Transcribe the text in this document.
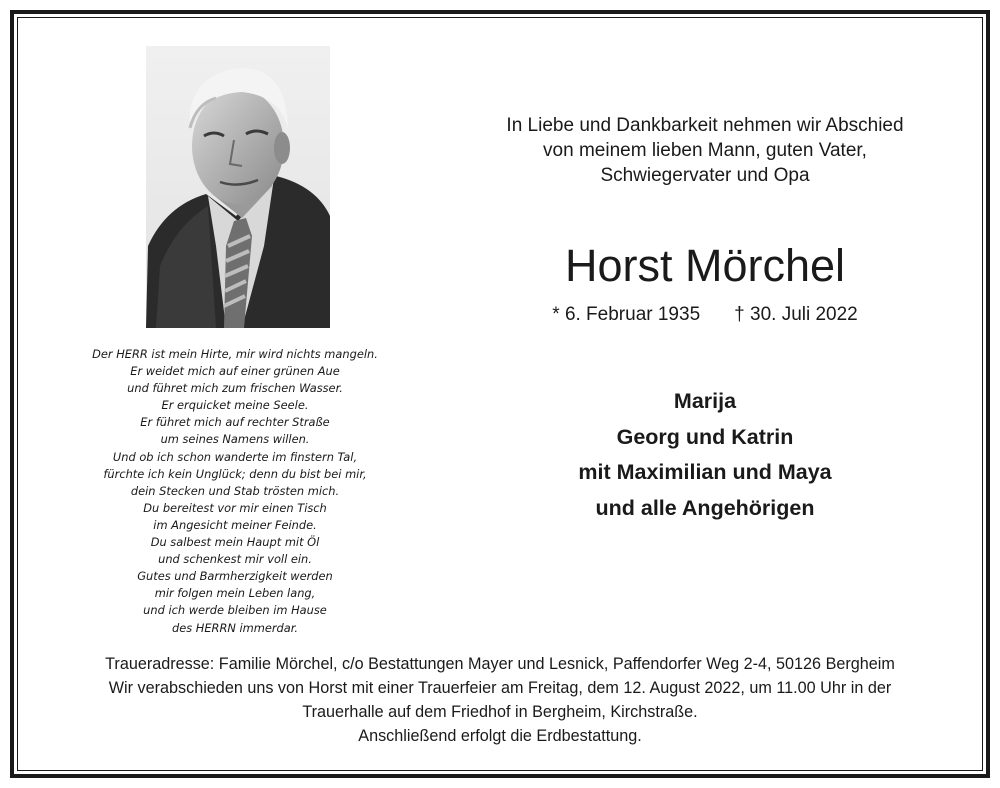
In Liebe und Dankbarkeit nehmen wir Abschied
von meinem lieben Mann, guten Vater,
Schwiegervater und Opa
Horst Mörchel
* 6. Februar 1935 † 30. Juli 2022
Marija
Georg und Katrin
mit Maximilian und Maya
und alle Angehörigen
Der HERR ist mein Hirte, mir wird nichts mangeln.
Er weidet mich auf einer grünen Aue
und führet mich zum frischen Wasser.
Er erquicket meine Seele.
Er führet mich auf rechter Straße
um seines Namens willen.
Und ob ich schon wanderte im finstern Tal,
fürchte ich kein Unglück; denn du bist bei mir,
dein Stecken und Stab trösten mich.
Du bereitest vor mir einen Tisch
im Angesicht meiner Feinde.
Du salbest mein Haupt mit Öl
und schenkest mir voll ein.
Gutes und Barmherzigkeit werden
mir folgen mein Leben lang,
und ich werde bleiben im Hause
des HERRN immerdar.
Traueradresse: Familie Mörchel, c/o Bestattungen Mayer und Lesnick, Paffendorfer Weg 2-4, 50126 Bergheim
Wir verabschieden uns von Horst mit einer Trauerfeier am Freitag, dem 12. August 2022, um 11.00 Uhr in der
Trauerhalle auf dem Friedhof in Bergheim, Kirchstraße.
Anschließend erfolgt die Erdbestattung.
